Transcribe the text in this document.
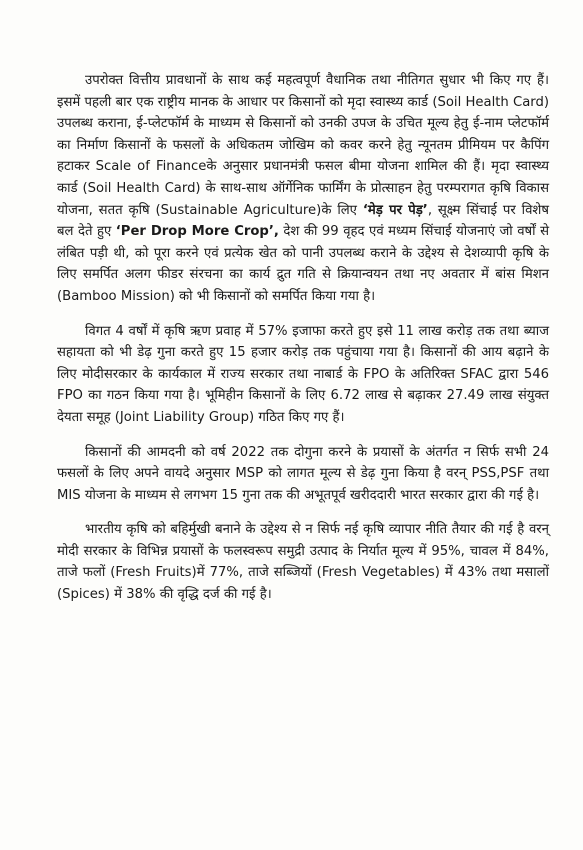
उपरोक्त वित्तीय प्रावधानों के साथ कई महत्वपूर्ण वैधानिक तथा नीतिगत सुधार भी किए गए हैं। इसमें पहली बार एक राष्ट्रीय मानक के आधार पर किसानों को मृदा स्वास्थ्य कार्ड (Soil Health Card) उपलब्ध कराना, ई-प्लेटफॉर्म के माध्यम से किसानों को उनकी उपज के उचित मूल्य हेतु ई-नाम प्लेटफॉर्म का निर्माण किसानों के फसलों के अधिकतम जोखिम को कवर करने हेतु न्यूनतम प्रीमियम पर कैपिंग हटाकर Scale of Financeके अनुसार प्रधानमंत्री फसल बीमा योजना शामिल की हैं। मृदा स्वास्थ्य कार्ड (Soil Health Card) के साथ-साथ ऑर्गेनिक फार्मिंग के प्रोत्साहन हेतु परम्परागत कृषि विकास योजना, सतत कृषि (Sustainable Agriculture)के लिए ‘मेड़ पर पेड़’, सूक्ष्म सिंचाई पर विशेष बल देते हुए ‘Per Drop More Crop’, देश की 99 वृहद एवं मध्यम सिंचाई योजनाएं जो वर्षों से लंबित पड़ी थी, को पूरा करने एवं प्रत्येक खेत को पानी उपलब्ध कराने के उद्देश्य से देशव्यापी कृषि के लिए समर्पित अलग फीडर संरचना का कार्य द्रुत गति से क्रियान्वयन तथा नए अवतार में बांस मिशन (Bamboo Mission) को भी किसानों को समर्पित किया गया है।

विगत 4 वर्षों में कृषि ऋण प्रवाह में 57% इजाफा करते हुए इसे 11 लाख करोड़ तक तथा ब्याज सहायता को भी डेढ़ गुना करते हुए 15 हजार करोड़ तक पहुंचाया गया है। किसानों की आय बढ़ाने के लिए मोदीसरकार के कार्यकाल में राज्य सरकार तथा नाबार्ड के FPO के अतिरिक्त SFAC द्वारा 546 FPO का गठन किया गया है। भूमिहीन किसानों के लिए 6.72 लाख से बढ़ाकर 27.49 लाख संयुक्त देयता समूह (Joint Liability Group) गठित किए गए हैं।

किसानों की आमदनी को वर्ष 2022 तक दोगुना करने के प्रयासों के अंतर्गत न सिर्फ सभी 24 फसलों के लिए अपने वायदे अनुसार MSP को लागत मूल्य से डेढ़ गुना किया है वरन् PSS,PSF तथा MIS योजना के माध्यम से लगभग 15 गुना तक की अभूतपूर्व खरीददारी भारत सरकार द्वारा की गई है।

भारतीय कृषि को बहिर्मुखी बनाने के उद्देश्य से न सिर्फ नई कृषि व्यापार नीति तैयार की गई है वरन् मोदी सरकार के विभिन्न प्रयासों के फलस्वरूप समुद्री उत्पाद के निर्यात मूल्य में 95%, चावल में 84%, ताजे फलों (Fresh Fruits)में 77%, ताजे सब्जियों (Fresh Vegetables) में 43% तथा मसालों (Spices) में 38% की वृद्धि दर्ज की गई है।
